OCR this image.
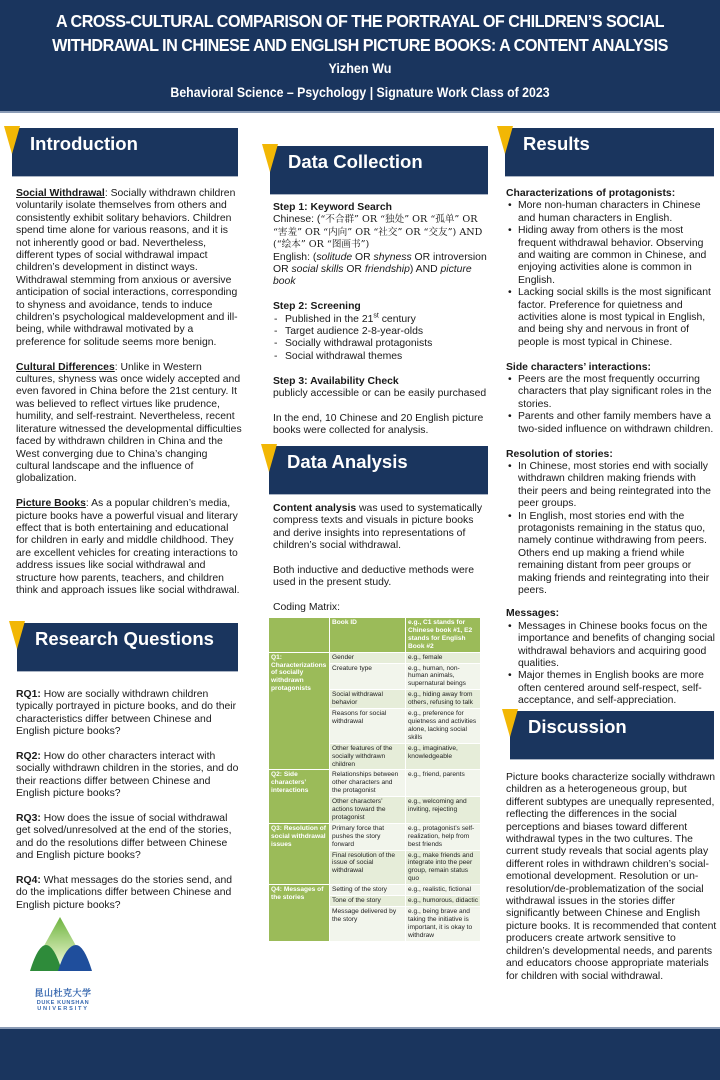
A CROSS-CULTURAL COMPARISON OF THE PORTRAYAL OF CHILDREN’S SOCIAL
WITHDRAWAL IN CHINESE AND ENGLISH PICTURE BOOKS: A CONTENT ANALYSIS
Yizhen Wu
Behavioral Science – Psychology | Signature Work Class of 2023
Introduction

Social Withdrawal: Socially withdrawn children voluntarily isolate themselves from others and consistently exhibit solitary behaviors. Children spend time alone for various reasons, and it is not inherently good or bad. Nevertheless, different types of social withdrawal impact children’s development in distinct ways. Withdrawal stemming from anxious or aversive anticipation of social interactions, corresponding to shyness and avoidance, tends to induce children’s psychological maldevelopment and ill-being, while withdrawal motivated by a preference for solitude seems more benign.

Cultural Differences: Unlike in Western cultures, shyness was once widely accepted and even favored in China before the 21st century. It was believed to reflect virtues like prudence, humility, and self-restraint. Nevertheless, recent literature witnessed the developmental difficulties faced by withdrawn children in China and the West converging due to China’s changing cultural landscape and the influence of globalization.

Picture Books: As a popular children’s media, picture books have a powerful visual and literary effect that is both entertaining and educational for children in early and middle childhood. They are excellent vehicles for creating interactions to address issues like social withdrawal and structure how parents, teachers, and children think and approach issues like social withdrawal.

Research Questions

RQ1: How are socially withdrawn children typically portrayed in picture books, and do their characteristics differ between Chinese and English picture books?

RQ2: How do other characters interact with socially withdrawn children in the stories, and do their reactions differ between Chinese and English picture books?

RQ3: How does the issue of social withdrawal get solved/unresolved at the end of the stories, and do the resolutions differ between Chinese and English picture books?

RQ4: What messages do the stories send, and do the implications differ between Chinese and English picture books?

昆山杜克大学
DUKE KUNSHAN
UNIVERSITY
Data Collection
Step 1: Keyword Search
Chinese: (“不合群” OR “独处” OR “孤单” OR “害羞” OR “内向” OR “社交” OR “交友”) AND (“绘本” OR “图画书”)
English: (solitude OR shyness OR introversion OR social skills OR friendship) AND picture book
Step 2: Screening
- Published in the 21st century
- Target audience 2-8-year-olds
- Socially withdrawal protagonists
- Social withdrawal themes
Step 3: Availability Check
publicly accessible or can be easily purchased
In the end, 10 Chinese and 20 English picture books were collected for analysis.
Data Analysis

Content analysis was used to systematically compress texts and visuals in picture books and derive insights into representations of children’s social withdrawal.

Both inductive and deductive methods were used in the present study.

Coding Matrix:
	Book ID	e.g., C1 stands for Chinese book #1, E2 stands for English Book #2
Q1: Characterizations of socially withdrawn protagonists	Gender	e.g., female
	Creature type	e.g., human, non-human animals, supernatural beings
	Social withdrawal behavior	e.g., hiding away from others, refusing to talk
	Reasons for social withdrawal	e.g., preference for quietness and activities alone, lacking social skills
	Other features of the socially withdrawn children	e.g., imaginative, knowledgeable
Q2: Side characters’ interactions	Relationships between other characters and the protagonist	e.g., friend, parents
	Other characters’ actions toward the protagonist	e.g., welcoming and inviting, rejecting
Q3: Resolution of social withdrawal issues	Primary force that pushes the story forward	e.g., protagonist’s self-realization, help from best friends
	Final resolution of the issue of social withdrawal	e.g., make friends and integrate into the peer group, remain status quo
Q4: Messages of the stories	Setting of the story	e.g., realistic, fictional
	Tone of the story	e.g., humorous, didactic
	Message delivered by the story	e.g., being brave and taking the initiative is important, it is okay to withdraw
Results
Characterizations of protagonists:
• More non-human characters in Chinese and human characters in English.
• Hiding away from others is the most frequent withdrawal behavior. Observing and waiting are common in Chinese, and enjoying activities alone is common in English.
• Lacking social skills is the most significant factor. Preference for quietness and activities alone is most typical in English, and being shy and nervous in front of people is most typical in Chinese.
Side characters’ interactions:
• Peers are the most frequently occurring characters that play significant roles in the stories.
• Parents and other family members have a two-sided influence on withdrawn children.
Resolution of stories:
• In Chinese, most stories end with socially withdrawn children making friends with their peers and being reintegrated into the peer groups.
• In English, most stories end with the protagonists remaining in the status quo, namely continue withdrawing from peers. Others end up making a friend while remaining distant from peer groups or making friends and reintegrating into their peers.
Messages:
• Messages in Chinese books focus on the importance and benefits of changing social withdrawal behaviors and acquiring good qualities.
• Major themes in English books are more often centered around self-respect, self-acceptance, and self-appreciation.
Discussion
Picture books characterize socially withdrawn children as a heterogeneous group, but different subtypes are unequally represented, reflecting the differences in the social perceptions and biases toward different withdrawal types in the two cultures. The current study reveals that social agents play different roles in withdrawn children’s social-emotional development. Resolution or un-resolution/de-problematization of the social withdrawal issues in the stories differ significantly between Chinese and English picture books. It is recommended that content producers create artwork sensitive to children’s developmental needs, and parents and educators choose appropriate materials for children with social withdrawal.
